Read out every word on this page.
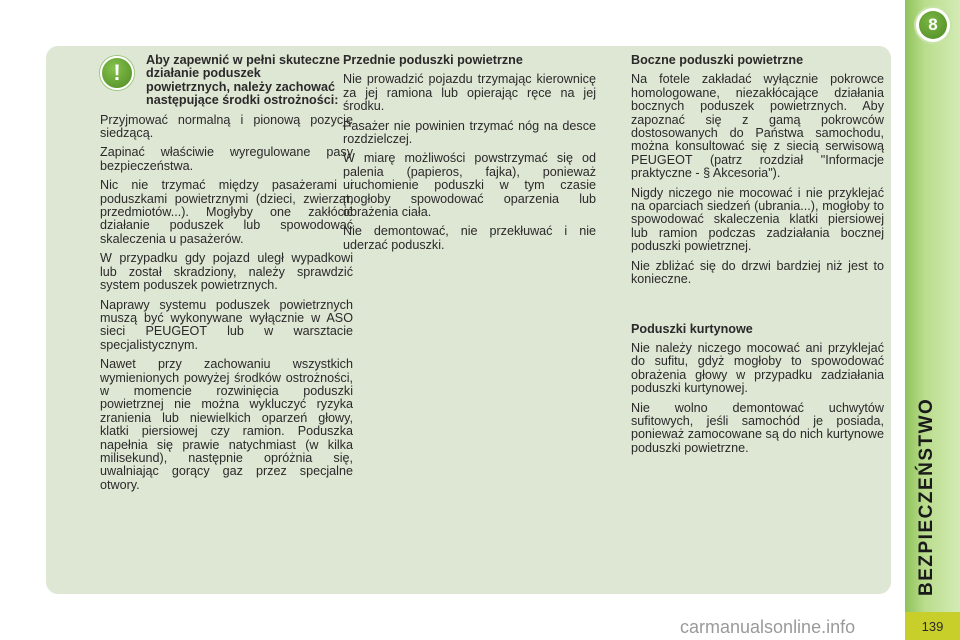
8
BEZPIECZEŃSTWO
139
! Aby zapewnić w pełni skuteczne działanie poduszek powietrznych, należy zachować następujące środki ostrożności:

Przyjmować normalną i pionową pozycję siedzącą.

Zapinać właściwie wyregulowane pasy bezpieczeństwa.

Nic nie trzymać między pasażerami i poduszkami powietrznymi (dzieci, zwierząt, przedmiotów...). Mogłyby one zakłócić działanie poduszek lub spowodować skaleczenia u pasażerów.

W przypadku gdy pojazd uległ wypadkowi lub został skradziony, należy sprawdzić system poduszek powietrznych.

Naprawy systemu poduszek powietrznych muszą być wykonywane wyłącznie w ASO sieci PEUGEOT lub w warsztacie specjalistycznym.

Nawet przy zachowaniu wszystkich wymienionych powyżej środków ostrożności, w momencie rozwinięcia poduszki powietrznej nie można wykluczyć ryzyka zranienia lub niewielkich oparzeń głowy, klatki piersiowej czy ramion. Poduszka napełnia się prawie natychmiast (w kilka milisekund), następnie opróżnia się, uwalniając gorący gaz przez specjalne otwory.

Przednie poduszki powietrzne

Nie prowadzić pojazdu trzymając kierownicę za jej ramiona lub opierając ręce na jej środku.

Pasażer nie powinien trzymać nóg na desce rozdzielczej.

W miarę możliwości powstrzymać się od palenia (papieros, fajka), ponieważ uruchomienie poduszki w tym czasie mogłoby spowodować oparzenia lub obrażenia ciała.

Nie demontować, nie przekłuwać i nie uderzać poduszki.

Boczne poduszki powietrzne

Na fotele zakładać wyłącznie pokrowce homologowane, niezakłócające działania bocznych poduszek powietrznych. Aby zapoznać się z gamą pokrowców dostosowanych do Państwa samochodu, można konsultować się z siecią serwisową PEUGEOT (patrz rozdział "Informacje praktyczne - § Akcesoria").

Nigdy niczego nie mocować i nie przyklejać na oparciach siedzeń (ubrania...), mogłoby to spowodować skaleczenia klatki piersiowej lub ramion podczas zadziałania bocznej poduszki powietrznej.

Nie zbliżać się do drzwi bardziej niż jest to konieczne.

Poduszki kurtynowe

Nie należy niczego mocować ani przyklejać do sufitu, gdyż mogłoby to spowodować obrażenia głowy w przypadku zadziałania poduszki kurtynowej.

Nie wolno demontować uchwytów sufitowych, jeśli samochód je posiada, ponieważ zamocowane są do nich kurtynowe poduszki powietrzne.

carmanualsonline.info
